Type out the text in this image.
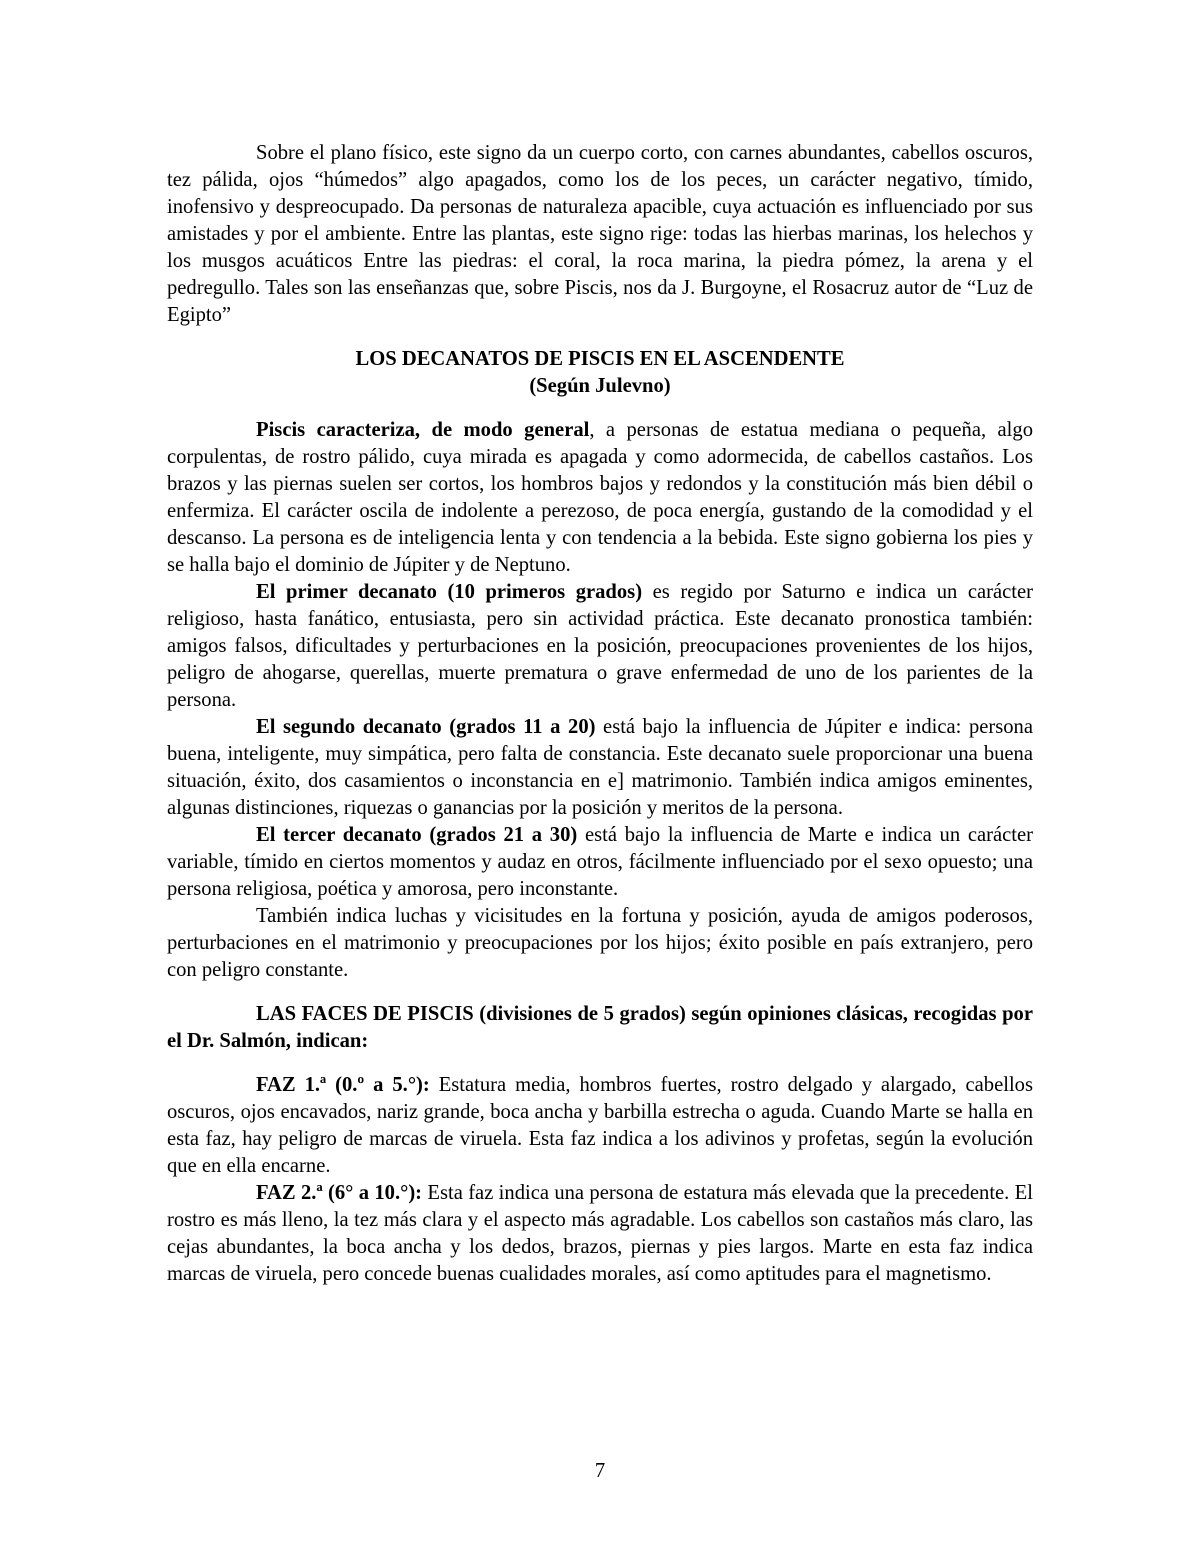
Sobre el plano físico, este signo da un cuerpo corto, con carnes abundantes, cabellos oscuros, tez pálida, ojos “húmedos” algo apagados, como los de los peces, un carácter negativo, tímido, inofensivo y despreocupado. Da personas de naturaleza apacible, cuya actuación es influenciado por sus amistades y por el ambiente. Entre las plantas, este signo rige: todas las hierbas marinas, los helechos y los musgos acuáticos Entre las piedras: el coral, la roca marina, la piedra pómez, la arena y el pedregullo. Tales son las enseñanzas que, sobre Piscis, nos da J. Burgoyne, el Rosacruz autor de “Luz de Egipto”

LOS DECANATOS DE PISCIS EN EL ASCENDENTE

(Según Julevno)

Piscis caracteriza, de modo general, a personas de estatua mediana o pequeña, algo corpulentas, de rostro pálido, cuya mirada es apagada y como adormecida, de cabellos castaños. Los brazos y las piernas suelen ser cortos, los hombros bajos y redondos y la constitución más bien débil o enfermiza. El carácter oscila de indolente a perezoso, de poca energía, gustando de la comodidad y el descanso. La persona es de inteligencia lenta y con tendencia a la bebida. Este signo gobierna los pies y se halla bajo el dominio de Júpiter y de Neptuno.

El primer decanato (10 primeros grados) es regido por Saturno e indica un carácter religioso, hasta fanático, entusiasta, pero sin actividad práctica. Este decanato pronostica también: amigos falsos, dificultades y perturbaciones en la posición, preocupaciones provenientes de los hijos, peligro de ahogarse, querellas, muerte prematura o grave enfermedad de uno de los parientes de la persona.

El segundo decanato (grados 11 a 20) está bajo la influencia de Júpiter e indica: persona buena, inteligente, muy simpática, pero falta de constancia. Este decanato suele proporcionar una buena situación, éxito, dos casamientos o inconstancia en e] matrimonio. También indica amigos eminentes, algunas distinciones, riquezas o ganancias por la posición y meritos de la persona.

El tercer decanato (grados 21 a 30) está bajo la influencia de Marte e indica un carácter variable, tímido en ciertos momentos y audaz en otros, fácilmente influenciado por el sexo opuesto; una persona religiosa, poética y amorosa, pero inconstante.

También indica luchas y vicisitudes en la fortuna y posición, ayuda de amigos poderosos, perturbaciones en el matrimonio y preocupaciones por los hijos; éxito posible en país extranjero, pero con peligro constante.

LAS FACES DE PISCIS (divisiones de 5 grados) según opiniones clásicas, recogidas por el Dr. Salmón, indican:

FAZ 1.ª (0.º a 5.°): Estatura media, hombros fuertes, rostro delgado y alargado, cabellos oscuros, ojos encavados, nariz grande, boca ancha y barbilla estrecha o aguda. Cuando Marte se halla en esta faz, hay peligro de marcas de viruela. Esta faz indica a los adivinos y profetas, según la evolución que en ella encarne.

FAZ 2.ª (6° a 10.°): Esta faz indica una persona de estatura más elevada que la precedente. El rostro es más lleno, la tez más clara y el aspecto más agradable. Los cabellos son castaños más claro, las cejas abundantes, la boca ancha y los dedos, brazos, piernas y pies largos. Marte en esta faz indica marcas de viruela, pero concede buenas cualidades morales, así como aptitudes para el magnetismo.

7
